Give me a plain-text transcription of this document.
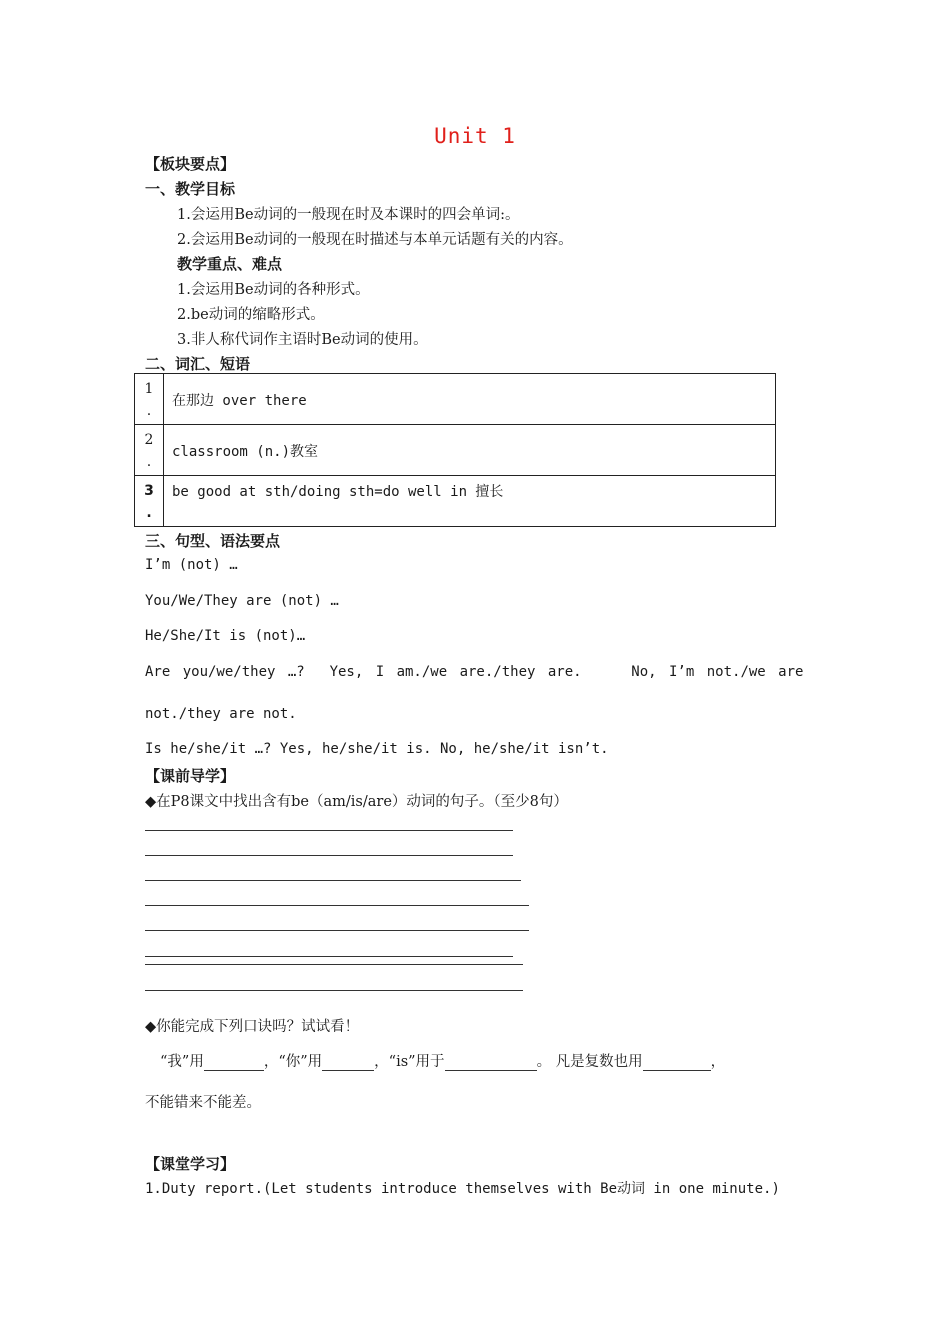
Unit 1
【板块要点】
一、教学目标
1.会运用Be动词的一般现在时及本课时的四会单词:。
2.会运用Be动词的一般现在时描述与本单元话题有关的内容。
教学重点、难点
1.会运用Be动词的各种形式。
2.be动词的缩略形式。
3.非人称代词作主语时Be动词的使用。
二、词汇、短语
1
.	在那边 over there
2
.	classroom (n.)教室
3
.	be good at sth/doing sth=do well in 擅长
三、句型、语法要点
I’m (not) …
You/We/They are (not) …
He/She/It is (not)…
Are you/we/they …?  Yes, I am./we are./they are.    No, I’m not./we are
not./they are not.
Is he/she/it …? Yes, he/she/it is. No, he/she/it isn’t.
【课前导学】
◆在P8课文中找出含有be（am/is/are）动词的句子。（至少8句）
◆你能完成下列口诀吗？试试看！
“我”用	，“你”用	，“is”用于	。 凡是复数也用	，
不能错来不能差。
【课堂学习】
1.Duty report.(Let students introduce themselves with Be动词 in one minute.)
